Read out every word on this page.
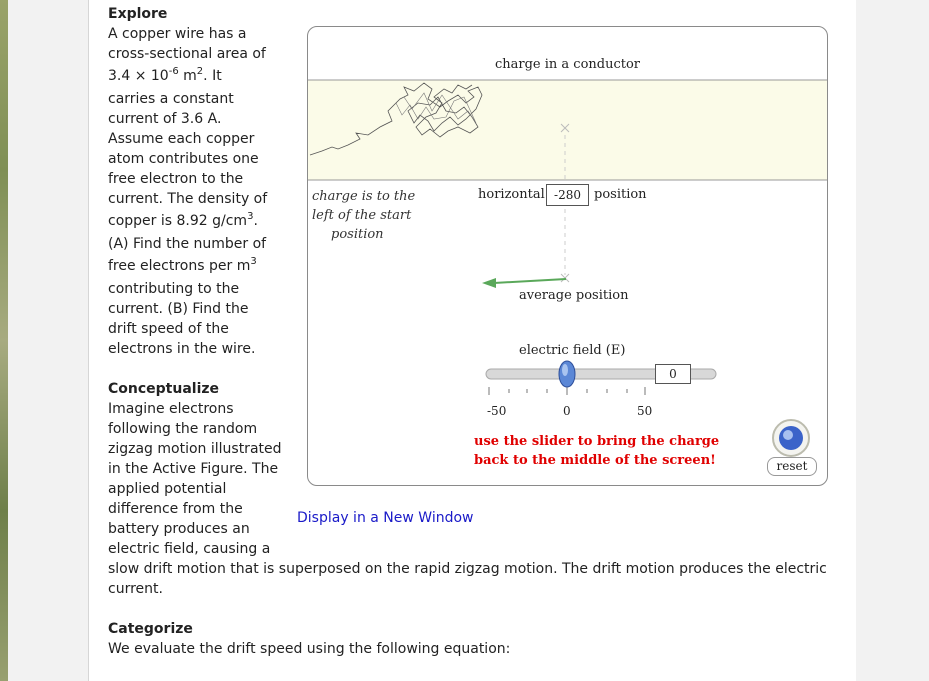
Explore
A copper wire has a
cross-sectional area of
$3.4 \times 10^{-6}$ $m^2$. It
carries a constant
current of 3.6 A.
Assume each copper
atom contributes one
free electron to the
current. The density of
copper is 8.92 $g/cm^3$.
(A) Find the number of
free electrons per $m^3$
contributing to the
current. (B) Find the
drift speed of the
electrons in the wire.
Conceptualize
Imagine electrons
following the random
zigzag motion illustrated
in the Active Figure. The
applied potential
difference from the
battery produces an
electric field, causing a
slow drift motion that is superposed on the rapid zigzag motion. The drift motion produces the electric
current.
Categorize
We evaluate the drift speed using the following equation:
charge in a conductor
charge is to the
left of the start
position
horizontal -280	position
average position
electric field (E)
0
-50	0	50
use the slider to bring the charge
back to the middle of the screen!	reset
Display in a New Window
